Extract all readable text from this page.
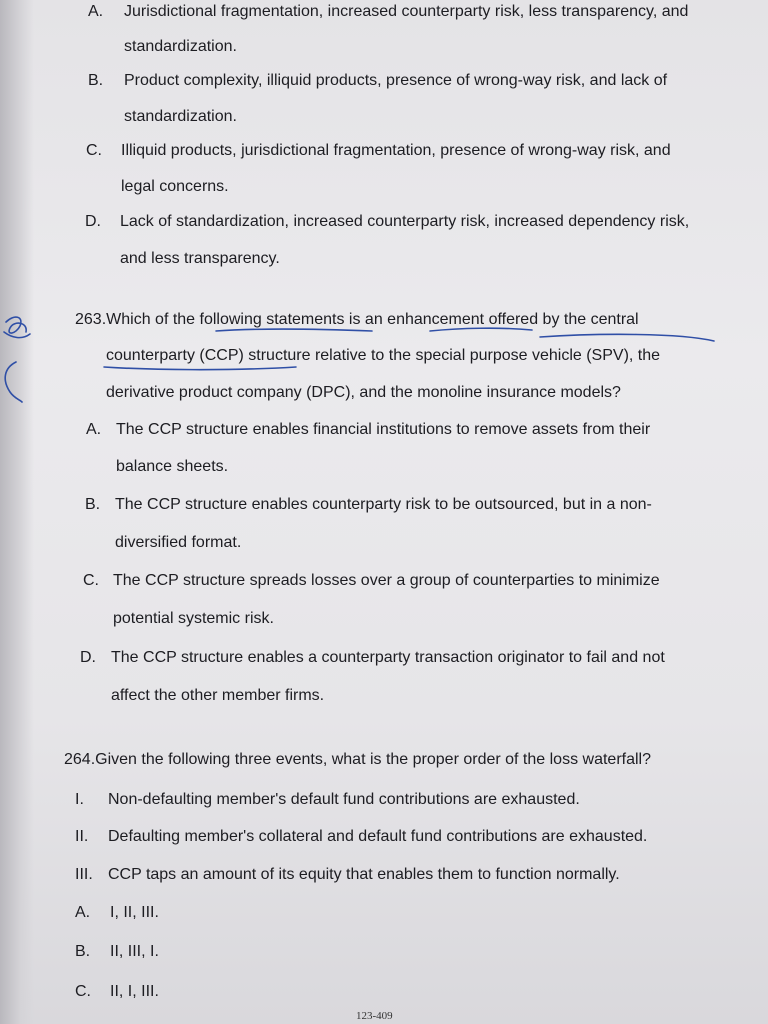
A. Jurisdictional fragmentation, increased counterparty risk, less transparency, and
standardization.
B. Product complexity, illiquid products, presence of wrong-way risk, and lack of
standardization.
C. Illiquid products, jurisdictional fragmentation, presence of wrong-way risk, and
legal concerns.
D. Lack of standardization, increased counterparty risk, increased dependency risk,
and less transparency.
263.Which of the following statements is an enhancement offered by the central
counterparty (CCP) structure relative to the special purpose vehicle (SPV), the
derivative product company (DPC), and the monoline insurance models?
A. The CCP structure enables financial institutions to remove assets from their
balance sheets.
B. The CCP structure enables counterparty risk to be outsourced, but in a non-
diversified format.
C. The CCP structure spreads losses over a group of counterparties to minimize
potential systemic risk.
D. The CCP structure enables a counterparty transaction originator to fail and not
affect the other member firms.
264.Given the following three events, what is the proper order of the loss waterfall?
I. Non-defaulting member's default fund contributions are exhausted.
II. Defaulting member's collateral and default fund contributions are exhausted.
III. CCP taps an amount of its equity that enables them to function normally.
A. I, II, III.
B. II, III, I.
C. II, I, III.
123-409
